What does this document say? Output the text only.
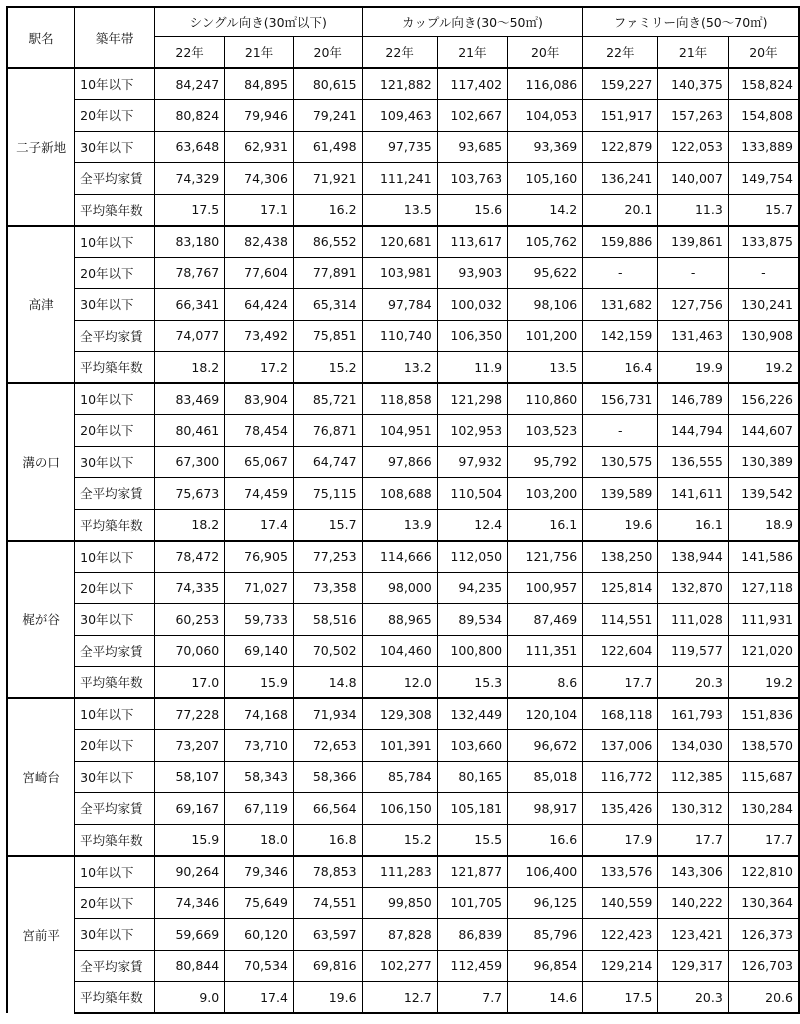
駅名	築年帯	シングル向き(30㎡以下)			カップル向き(30〜50㎡)			ファミリー向き(50〜70㎡)		
		22年	21年	20年	22年	21年	20年	22年	21年	20年
二子新地	10年以下	84,247	84,895	80,615	121,882	117,402	116,086	159,227	140,375	158,824
	20年以下	80,824	79,946	79,241	109,463	102,667	104,053	151,917	157,263	154,808
	30年以下	63,648	62,931	61,498	97,735	93,685	93,369	122,879	122,053	133,889
	全平均家賃	74,329	74,306	71,921	111,241	103,763	105,160	136,241	140,007	149,754
	平均築年数	17.5	17.1	16.2	13.5	15.6	14.2	20.1	11.3	15.7
高津	10年以下	83,180	82,438	86,552	120,681	113,617	105,762	159,886	139,861	133,875
	20年以下	78,767	77,604	77,891	103,981	93,903	95,622	-	-	-
	30年以下	66,341	64,424	65,314	97,784	100,032	98,106	131,682	127,756	130,241
	全平均家賃	74,077	73,492	75,851	110,740	106,350	101,200	142,159	131,463	130,908
	平均築年数	18.2	17.2	15.2	13.2	11.9	13.5	16.4	19.9	19.2
溝の口	10年以下	83,469	83,904	85,721	118,858	121,298	110,860	156,731	146,789	156,226
	20年以下	80,461	78,454	76,871	104,951	102,953	103,523	-	144,794	144,607
	30年以下	67,300	65,067	64,747	97,866	97,932	95,792	130,575	136,555	130,389
	全平均家賃	75,673	74,459	75,115	108,688	110,504	103,200	139,589	141,611	139,542
	平均築年数	18.2	17.4	15.7	13.9	12.4	16.1	19.6	16.1	18.9
梶が谷	10年以下	78,472	76,905	77,253	114,666	112,050	121,756	138,250	138,944	141,586
	20年以下	74,335	71,027	73,358	98,000	94,235	100,957	125,814	132,870	127,118
	30年以下	60,253	59,733	58,516	88,965	89,534	87,469	114,551	111,028	111,931
	全平均家賃	70,060	69,140	70,502	104,460	100,800	111,351	122,604	119,577	121,020
	平均築年数	17.0	15.9	14.8	12.0	15.3	8.6	17.7	20.3	19.2
宮崎台	10年以下	77,228	74,168	71,934	129,308	132,449	120,104	168,118	161,793	151,836
	20年以下	73,207	73,710	72,653	101,391	103,660	96,672	137,006	134,030	138,570
	30年以下	58,107	58,343	58,366	85,784	80,165	85,018	116,772	112,385	115,687
	全平均家賃	69,167	67,119	66,564	106,150	105,181	98,917	135,426	130,312	130,284
	平均築年数	15.9	18.0	16.8	15.2	15.5	16.6	17.9	17.7	17.7
宮前平	10年以下	90,264	79,346	78,853	111,283	121,877	106,400	133,576	143,306	122,810
	20年以下	74,346	75,649	74,551	99,850	101,705	96,125	140,559	140,222	130,364
	30年以下	59,669	60,120	63,597	87,828	86,839	85,796	122,423	123,421	126,373
	全平均家賃	80,844	70,534	69,816	102,277	112,459	96,854	129,214	129,317	126,703
	平均築年数	9.0	17.4	19.6	12.7	7.7	14.6	17.5	20.3	20.6
